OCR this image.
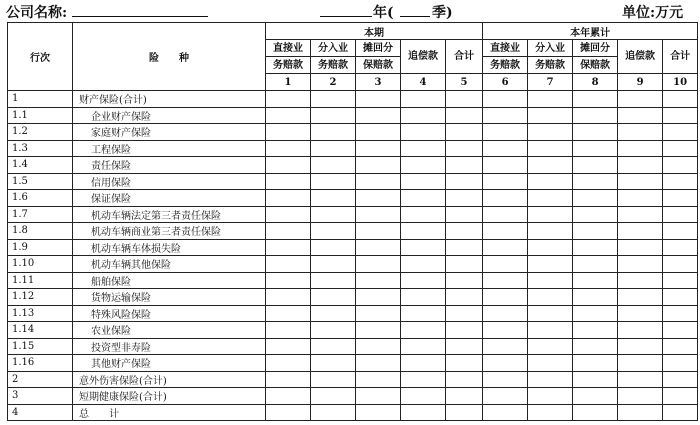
公司名称:	年(	季)	单位:万元
行次	险　　种	本期					本年累计				
		直接业	分入业	摊回分	追偿款	合计	直接业	分入业	摊回分	追偿款	合计
		务赔款	务赔款	保赔款			务赔款	务赔款	保赔款		
		1	2	3	4	5	6	7	8	9	10
1	财产保险(合计)										
1.1	企业财产保险										
1.2	家庭财产保险										
1.3	工程保险										
1.4	责任保险										
1.5	信用保险										
1.6	保证保险										
1.7	机动车辆法定第三者责任保险										
1.8	机动车辆商业第三者责任保险										
1.9	机动车辆车体损失险										
1.10	机动车辆其他保险										
1.11	船舶保险										
1.12	货物运输保险										
1.13	特殊风险保险										
1.14	农业保险										
1.15	投资型非寿险										
1.16	其他财产保险										
2	意外伤害保险(合计)										
3	短期健康保险(合计)										
4	总　　计										
